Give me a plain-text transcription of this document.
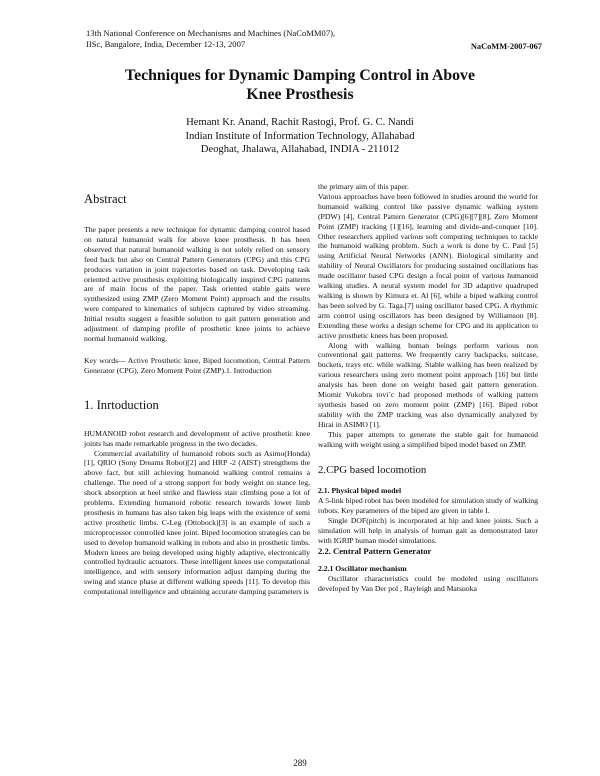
13th National Conference on Mechanisms and Machines (NaCoMM07),
IISc, Bangalore, India, December 12-13, 2007	NaCoMM-2007-067
Techniques for Dynamic Damping Control in Above
Knee Prosthesis
Hemant Kr. Anand, Rachit Rastogi, Prof. G. C. Nandi
Indian Institute of Information Technology, Allahabad
Deoghat, Jhalawa, Allahabad, INDIA - 211012
Abstract

The paper presents a new technique for dynamic damping control based on natural humanoid walk for above knee prosthesis. It has been observed that natural humanoid walking is not solely relied on sensory feed back but also on Central Pattern Generators (CPG) and this CPG produces variation in joint trajectories based on task. Developing task oriented active prosthesis exploiting biologically inspired CPG patterns are of main focus of the paper. Task oriented stable gaits were synthesized using ZMP (Zero Moment Point) approach and the results were compared to kinematics of subjects captured by video streaming. Initial results suggest a feasible solution to gait pattern generation and adjustment of damping profile of prosthetic knee joints to achieve normal humanoid walking.

Key words— Active Prosthetic knee, Biped locomotion, Central Pattern Generator (CPG), Zero Moment Point (ZMP).1. Introduction

1. Inrtoduction

HUMANOID robot research and development of active prosthetic knee joints has made remarkable progress in the two decades.

Commercial availability of humanoid robots such as Asimo(Honda)[1], QRIO (Sony Dreams Robot)[2] and HRP -2 (AIST) strengthens the above fact, but still achieving humanoid walking control remains a challenge. The need of a strong support for body weight on stance leg, shock absorption at heel strike and flawless stair climbing pose a lot of problems. Extending humanoid robotic research towards lower limb prosthesis in humans has also taken big leaps with the existence of semi active prosthetic limbs. C-Leg (Ottobock)[3] is an example of such a microprocessor controlled knee joint. Biped locomotion strategies can be used to develop humanoid walking in robots and also in prosthetic limbs. Modern knees are being developed using highly adaptive, electronically controlled hydraulic actuators. These intelligent knees use computational intelligence, and with sensory information adjust damping during the swing and stance phase at different walking speeds [11]. To develop this computational intelligence and obtaining accurate damping parameters is

the primary aim of this paper.

Various approaches have been followed in studies around the world for humanoid walking control like passive dynamic walking system (PDW) [4], Central Pattern Generator (CPG)[6][7][8], Zero Moment Point (ZMP) tracking [1][16], learning and divide-and-conquer [10]. Other researchers applied various soft computing techniques to tackle the humanoid walking problem. Such a work is done by C. Paul [5] using Artificial Neural Networks (ANN). Biological similarity and stability of Neural Oscillators for producing sustained oscillations has made oscillator based CPG design a focal point of various humanoid walking studies. A neural system model for 3D adaptive quadruped walking is shown by Kimura et. Al [6], while a biped walking control has been solved by G. Taga.[7] using oscillator based CPG. A rhythmic arm control using oscillators has been designed by Williamson [8]. Extending these works a design scheme for CPG and its application to active prosthetic knees has been proposed.

Along with walking human beings perform various non conventional gait patterns. We frequently carry backpacks, suitcase, buckets, trays etc. while walking. Stable walking has been realized by various researchers using zero moment point approach [16] but little analysis has been done on weight based gait pattern generation. Miomir Vukobra tovi´c had proposed methods of walking pattern synthesis based on zero moment point (ZMP) [16]. Biped robot stability with the ZMP tracking was also dynamically analyzed by Hirai in ASIMO [1].

This paper attempts to generate the stable gait for humanoid walking with weight using a simplified biped model based on ZMP.

2.CPG based locomotion
2.1. Physical biped model

A 5-link biped robot has been modeled for simulation study of walking robots. Key parameters of the biped are given in table I.

Single DOF(pitch) is incorporated at hip and knee joints. Such a simulation will help in analysis of human gait as demonstrated later with IGRIP human model simulations.

2.2. Central Pattern Generator
2.2.1 Oscillator mechanism

Oscillator characteristics could be modeled using oscillators developed by Van Der pol , Rayleigh and Matsuoka

289
